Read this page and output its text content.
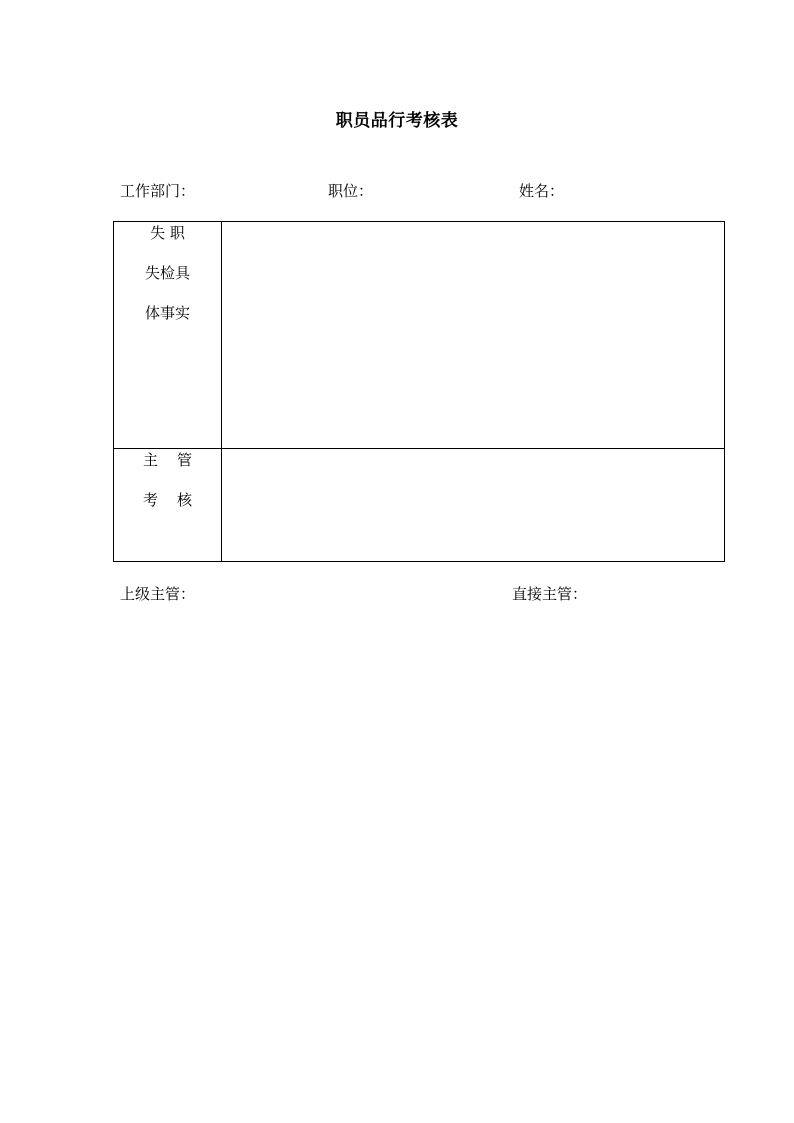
职员品行考核表
工作部门：	职位：	姓名：
失 职
失检具
体事实	

主    管
考    核	

上级主管：	直接主管：
